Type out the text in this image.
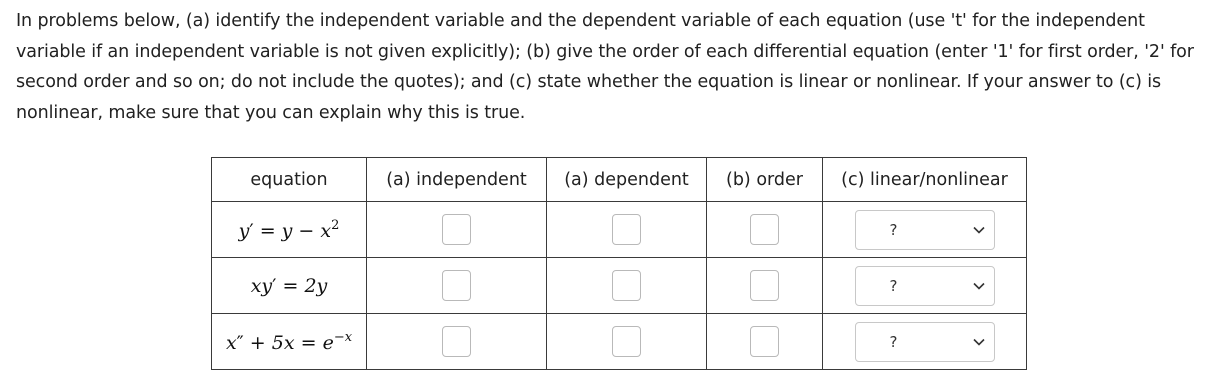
In problems below, (a) identify the independent variable and the dependent variable of each equation (use 't' for the independent variable if an independent variable is not given explicitly); (b) give the order of each differential equation (enter '1' for first order, '2' for second order and so on; do not include the quotes); and (c) state whether the equation is linear or nonlinear. If your answer to (c) is nonlinear, make sure that you can explain why this is true.
equation	(a) independent	(a) dependent	(b) order	(c) linear/nonlinear
$y' = y - x^2$				?

xy′ = 2y				?

$x'' + 5x = e^{-x}$				?
